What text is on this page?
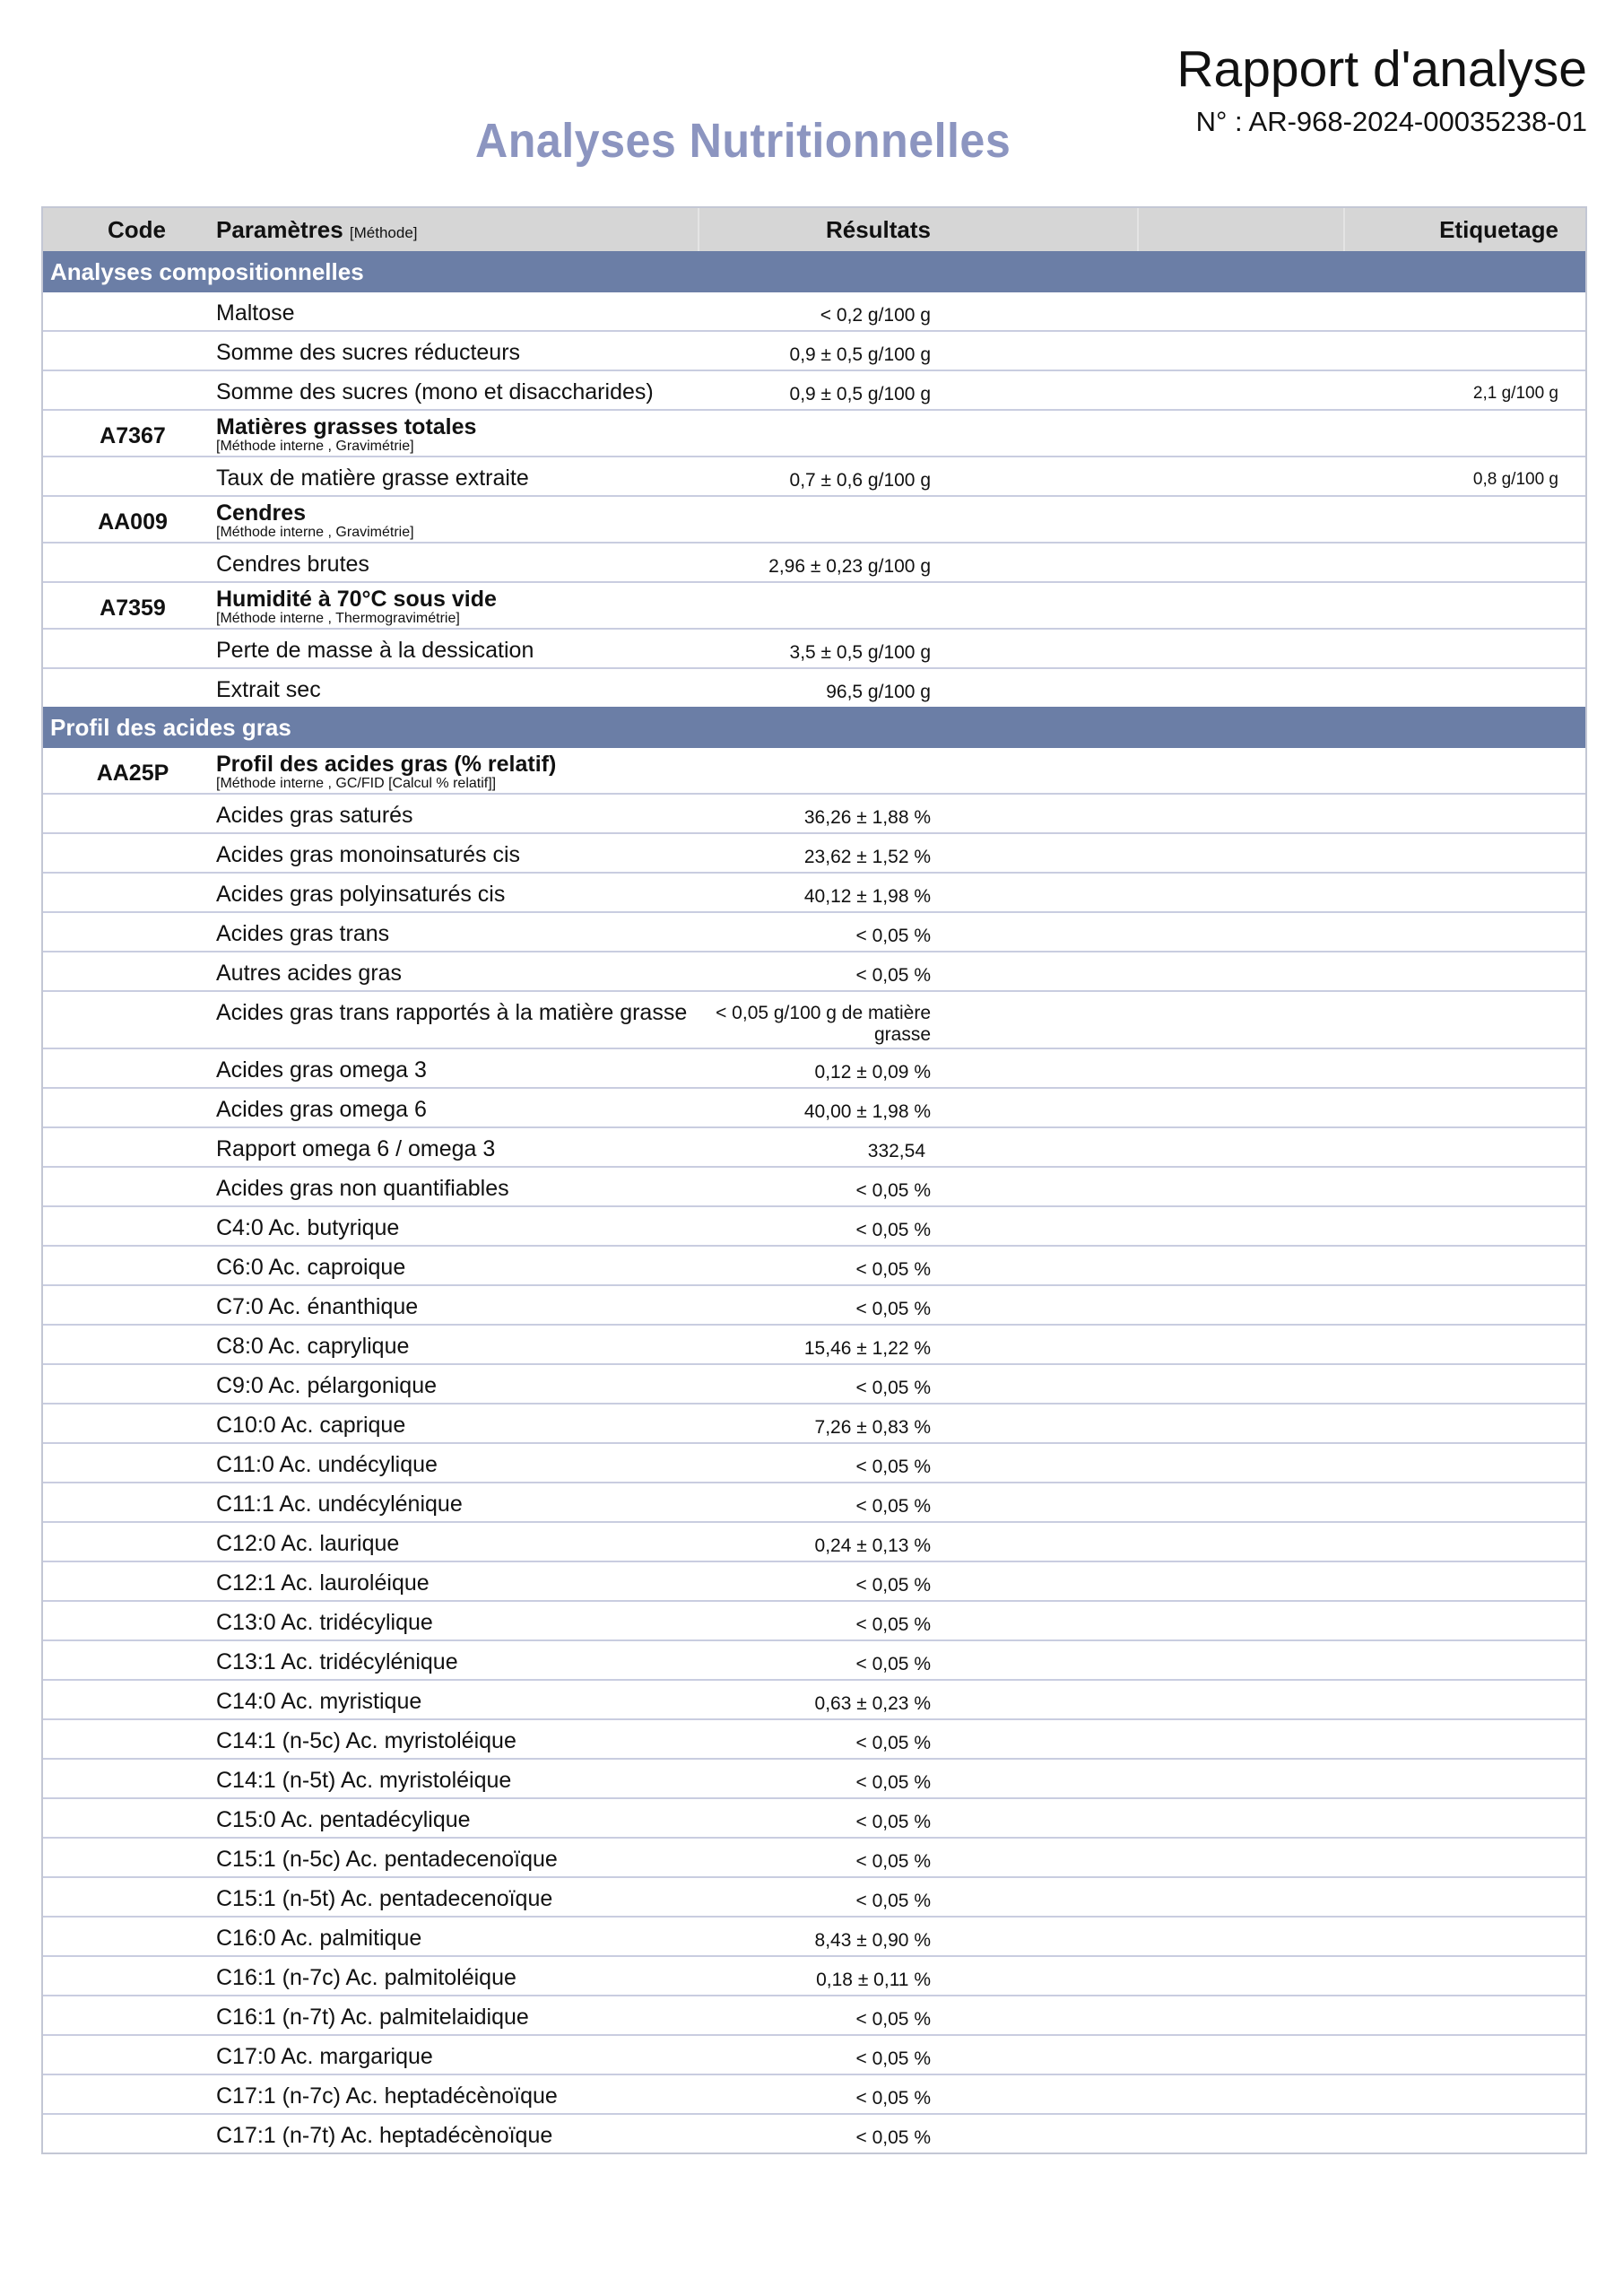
Rapport d'analyse
N° : AR-968-2024-00035238-01
Analyses Nutritionnelles
Code Paramètres [Méthode]	Résultats	Etiquetage
Analyses compositionnelles
Maltose	< 0,2 g/100 g
Somme des sucres réducteurs	0,9 ± 0,5 g/100 g
Somme des sucres (mono et disaccharides)	0,9 ± 0,5 g/100 g	2,1 g/100 g
A7367	Matières grasses totales
[Méthode interne , Gravimétrie]
Taux de matière grasse extraite	0,7 ± 0,6 g/100 g	0,8 g/100 g
AA009	Cendres
[Méthode interne , Gravimétrie]
Cendres brutes	2,96 ± 0,23 g/100 g
A7359	Humidité à 70°C sous vide
[Méthode interne , Thermogravimétrie]
Perte de masse à la dessication	3,5 ± 0,5 g/100 g
Extrait sec	96,5 g/100 g
Profil des acides gras
AA25P	Profil des acides gras (% relatif)
[Méthode interne , GC/FID [Calcul % relatif]]
Acides gras saturés	36,26 ± 1,88 %
Acides gras monoinsaturés cis	23,62 ± 1,52 %
Acides gras polyinsaturés cis	40,12 ± 1,98 %
Acides gras trans	< 0,05 %
Autres acides gras	< 0,05 %
Acides gras trans rapportés à la matière grasse	< 0,05 g/100 g de matière
grasse
Acides gras omega 3	0,12 ± 0,09 %
Acides gras omega 6	40,00 ± 1,98 %
Rapport omega 6 / omega 3	332,54
Acides gras non quantifiables	< 0,05 %
C4:0 Ac. butyrique	< 0,05 %
C6:0 Ac. caproique	< 0,05 %
C7:0 Ac. énanthique	< 0,05 %
C8:0 Ac. caprylique	15,46 ± 1,22 %
C9:0 Ac. pélargonique	< 0,05 %
C10:0 Ac. caprique	7,26 ± 0,83 %
C11:0 Ac. undécylique	< 0,05 %
C11:1 Ac. undécylénique	< 0,05 %
C12:0 Ac. laurique	0,24 ± 0,13 %
C12:1 Ac. lauroléique	< 0,05 %
C13:0 Ac. tridécylique	< 0,05 %
C13:1 Ac. tridécylénique	< 0,05 %
C14:0 Ac. myristique	0,63 ± 0,23 %
C14:1 (n-5c) Ac. myristoléique	< 0,05 %
C14:1 (n-5t) Ac. myristoléique	< 0,05 %
C15:0 Ac. pentadécylique	< 0,05 %
C15:1 (n-5c) Ac. pentadecenoïque	< 0,05 %
C15:1 (n-5t) Ac. pentadecenoïque	< 0,05 %
C16:0 Ac. palmitique	8,43 ± 0,90 %
C16:1 (n-7c) Ac. palmitoléique	0,18 ± 0,11 %
C16:1 (n-7t) Ac. palmitelaidique	< 0,05 %
C17:0 Ac. margarique	< 0,05 %
C17:1 (n-7c) Ac. heptadécènoïque	< 0,05 %
C17:1 (n-7t) Ac. heptadécènoïque	< 0,05 %
